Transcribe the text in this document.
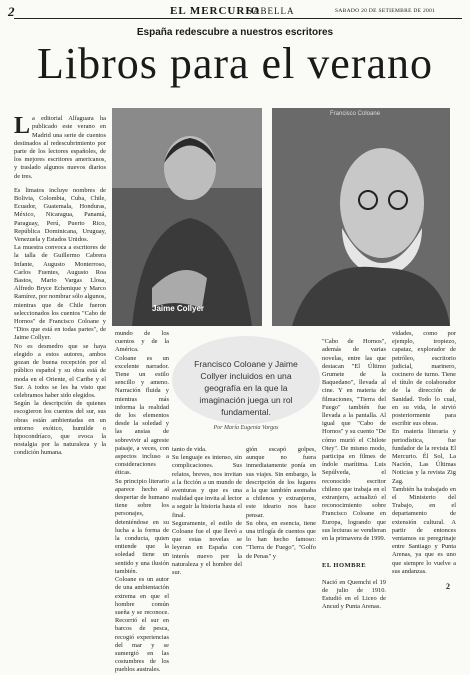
2	EL MERCURIO
SABELLA	SABADO 20 DE SETIEMBRE DE 2001
España redescubre a nuestros escritores
Libros para el verano

La editorial Alfaguara ha publicado este verano en Madrid una serie de cuentos destinados al redescubrimiento por parte de los lectores españoles, de los mejores escritores americanos, y traslado algunos nuevos diarios de tres.

Es limatos incluye nombres de Bolivia, Colombia, Cuba, Chile, Ecuador, Guatemala, Honduras, México, Nicaragua, Panamá, Paraguay, Perú, Puerto Rico, República Dominicana, Uruguay, Venezuela y Estados Unidos.
La muestra convoca a escritores de la talla de Guillermo Cabrera Infante, Augusto Monterroso, Carlos Fuentes, Augusto Roa Bastos, Mario Vargas Llosa, Alfredo Bryce Echenique y Marco Ramírez, por nombrar sólo algunos, mientras que de Chile fueron seleccionados los cuentos "Cabo de Hornos" de Francisco Coloane y "Dios que está en todas partes", de Jaime Collyer.
No es desmedro que se haya elegido a estos autores, ambos gozan de buena recepción por el público español y su obra está de moda en el Oriente, el Caribe y el Sur. A todos se les ha visto que celebramos haber sido elegidos.
Según la descripción de quienes escogieron los cuentos del sur, sus obras están ambientadas en un entorno exótico, humilde o hipocondríaco, que evoca la nostalgia por la naturaleza y la condición humana.

Jaime Collyer
Francisco Coloane
mundo de los cuentos y de la América.
Coloane es un excelente narrador. Tiene un estilo sencillo y ameno. Narración fluida y mientras más informa la realidad de los elementos desde la soledad y las ansias de sobrevivir al agreste paisaje, a veces, con aspectos incluso a consideraciones éticas.
Su principio literario aparece hecho al despertar de humano tiene sobre los personajes, deteniéndose en su lucha a la forma de la conducta, quien entiende que la soledad tiene un sentido y una ilusión también.
Coloane es un autor de una ambientación extrema en que el hombre común sueña y se reconoce. Recorrió el sur en barcos de pesca, recogió experiencias del mar y se sumergió en las costumbres de los pueblos australes.
Francisco Coloane y Jaime Collyer incluidos en una geografía en la que la imaginación juega un rol fundamental.
Por María Eugenia Vargas
tanto de vida.
Su lenguaje es intenso, sin complicaciones. Sus relatos, breves, nos invitan a la ficción a un mundo de aventuras y que es una realidad que invita al lector a seguir la historia hasta el final.
Seguramente, el estilo de Coloane fue el que llevó a que estas novelas se leyeran en España con interés nuevo por la naturaleza y el hombre del sur.
gión escapó golpes, aunque no fuera inmediatamente ponía en sus viajes. Sin embargo, la descripción de los lugares a la que también asomaba a chilenos y extranjeros, este ideario nos hace pensar.
Su obra, en esencia, tiene una trilogía de cuentos que lo han hecho famoso: "Tierra de Fuego", "Golfo de Penas" y

"Cabo de Hornos", además de varias novelas, entre las que destacan "El Último Grumete de la Baquedano", llevada al cine. Y en materia de filmaciones, "Tierra del Fuego" también fue llevada a la pantalla. Al igual que "Cabo de Hornos" y su cuento "De cómo murió el Chilote Otey". De mismo modo, participa en filmes de índole marítima. Luis Sepúlveda, el reconocido escritor chileno que trabaja en el extranjero, actualizó el reconocimiento sobre Francisco Coloane en Europa, logrando que sus lecturas se vendieran en la primavera de 1999.

EL HOMBRE

Nació en Quemchi el 19 de julio de 1910. Estudió en el Liceo de Ancud y Punta Arenas.

vidades, como por ejemplo, tropiezo, capataz, explorador de petróleo, escritorio judicial, marinero, cocinero de turno. Tiene el título de colaborador de la dirección de Sanidad. Todo lo cual, en su vida, le sirvió posteriormente para escribir sus obras.
En materia literaria y periodística, fue fundador de la revista El Mercurio. Él Sol, La Nación, Las Últimas Noticias y la revista Zig Zag.
También ha trabajado en el Ministerio del Trabajo, en el departamento de extensión cultural. A partir de entonces ventamos su peregrinaje entre Santiago y Punta Arenas, ya que es uno que siempre lo vuelve a sus andanzas.
2
